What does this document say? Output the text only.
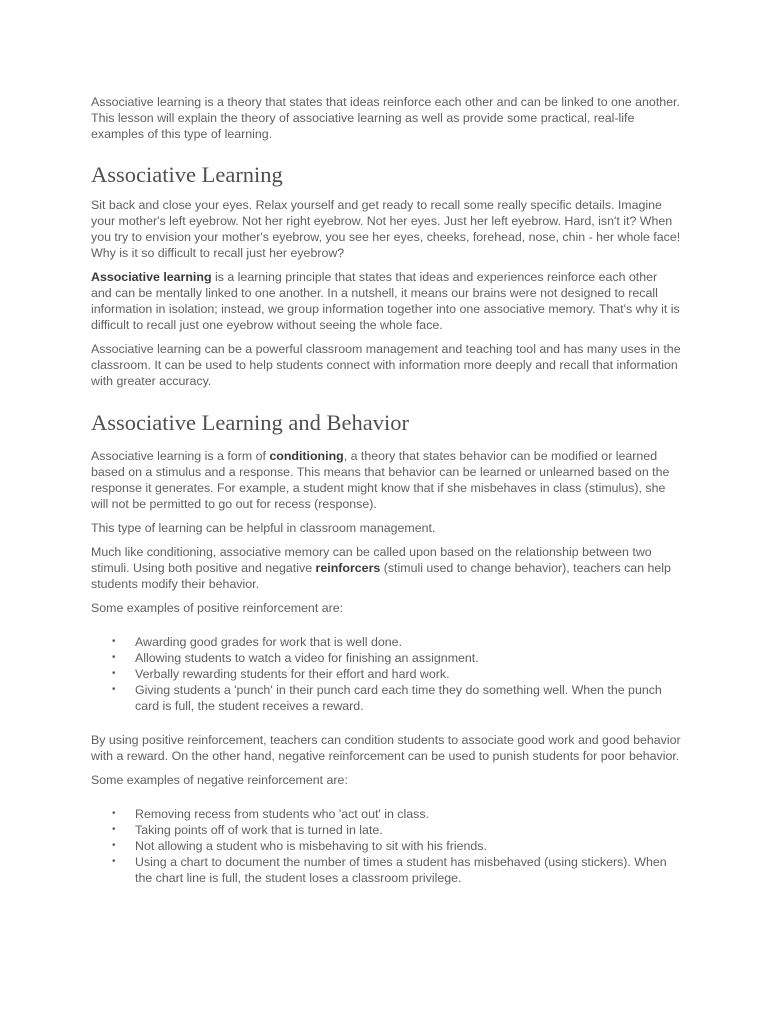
Associative learning is a theory that states that ideas reinforce each other and can be linked to one another. This lesson will explain the theory of associative learning as well as provide some practical, real-life examples of this type of learning.

Associative Learning

Sit back and close your eyes. Relax yourself and get ready to recall some really specific details. Imagine your mother's left eyebrow. Not her right eyebrow. Not her eyes. Just her left eyebrow. Hard, isn't it? When you try to envision your mother's eyebrow, you see her eyes, cheeks, forehead, nose, chin - her whole face! Why is it so difficult to recall just her eyebrow?

Associative learning is a learning principle that states that ideas and experiences reinforce each other and can be mentally linked to one another. In a nutshell, it means our brains were not designed to recall information in isolation; instead, we group information together into one associative memory. That's why it is difficult to recall just one eyebrow without seeing the whole face.

Associative learning can be a powerful classroom management and teaching tool and has many uses in the classroom. It can be used to help students connect with information more deeply and recall that information with greater accuracy.

Associative Learning and Behavior

Associative learning is a form of conditioning, a theory that states behavior can be modified or learned based on a stimulus and a response. This means that behavior can be learned or unlearned based on the response it generates. For example, a student might know that if she misbehaves in class (stimulus), she will not be permitted to go out for recess (response).

This type of learning can be helpful in classroom management.

Much like conditioning, associative memory can be called upon based on the relationship between two stimuli. Using both positive and negative reinforcers (stimuli used to change behavior), teachers can help students modify their behavior.

Some examples of positive reinforcement are:

• Awarding good grades for work that is well done.
• Allowing students to watch a video for finishing an assignment.
• Verbally rewarding students for their effort and hard work.
• Giving students a 'punch' in their punch card each time they do something well. When the punch card is full, the student receives a reward.

By using positive reinforcement, teachers can condition students to associate good work and good behavior with a reward. On the other hand, negative reinforcement can be used to punish students for poor behavior.

Some examples of negative reinforcement are:

• Removing recess from students who 'act out' in class.
• Taking points off of work that is turned in late.
• Not allowing a student who is misbehaving to sit with his friends.
• Using a chart to document the number of times a student has misbehaved (using stickers). When the chart line is full, the student loses a classroom privilege.
